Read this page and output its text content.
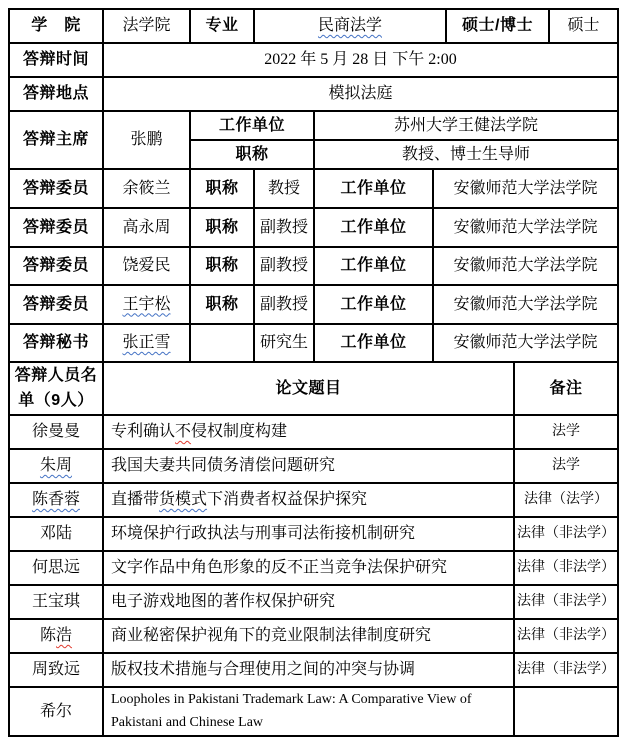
学　院	法学院	专业	民商法学			硕士/博士		硕士
答辩时间	2022 年 5 月 28 日 下午 2:00							
答辩地点	模拟法庭							
答辩主席	张鹏	工作单位		苏州大学王健法学院				
		职称		教授、博士生导师				
答辩委员	余筱兰	职称	教授	工作单位	安徽师范大学法学院			
答辩委员	高永周	职称	副教授	工作单位	安徽师范大学法学院			
答辩委员	饶爱民	职称	副教授	工作单位	安徽师范大学法学院			
答辩委员	王宇松	职称	副教授	工作单位	安徽师范大学法学院			
答辩秘书	张正雪		研究生	工作单位	安徽师范大学法学院			
答辩人员名单（9人）	论文题目						备注	
徐曼曼	专利确认不侵权制度构建						法学	
朱周	我国夫妻共同债务清偿问题研究						法学	
陈香蓉	直播带货模式下消费者权益保护探究						法律（法学）	
邓陆	环境保护行政执法与刑事司法衔接机制研究						法律（非法学）	
何思远	文字作品中角色形象的反不正当竞争法保护研究						法律（非法学）	
王宝琪	电子游戏地图的著作权保护研究						法律（非法学）	
陈浩	商业秘密保护视角下的竞业限制法律制度研究						法律（非法学）	
周致远	版权技术措施与合理使用之间的冲突与协调						法律（非法学）	
希尔	Loopholes in Pakistani Trademark Law: A Comparative View of Pakistani and Chinese Law							
